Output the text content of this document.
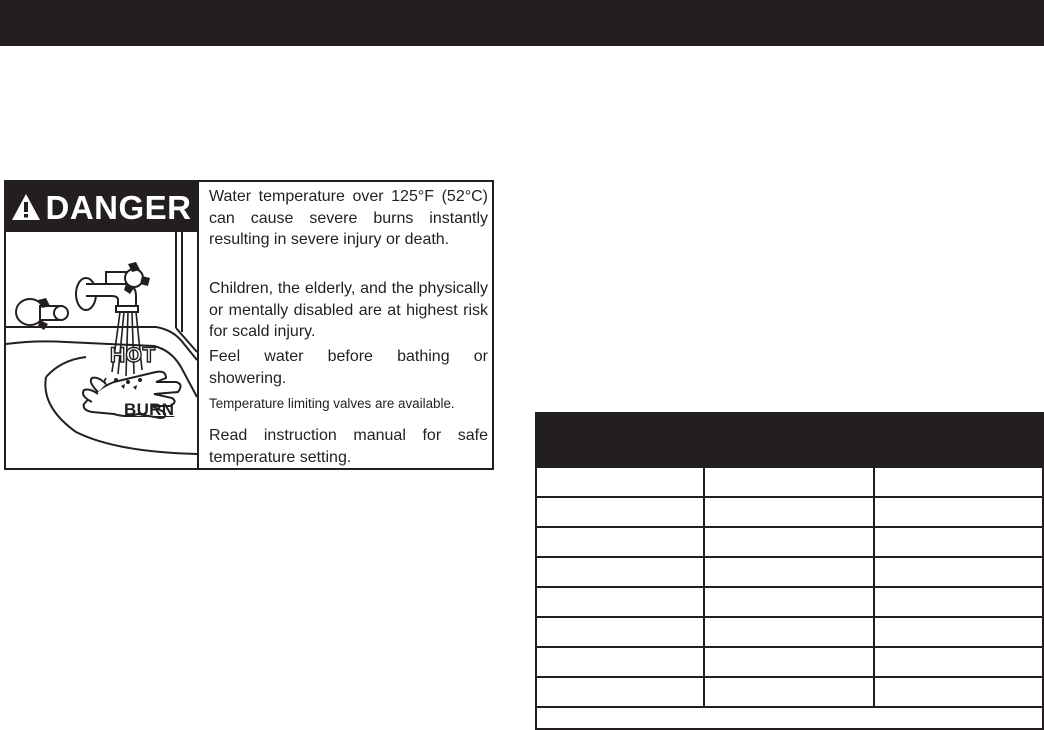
DANGER
HOT
BURN

Water temperature over 125°F (52°C) can cause severe burns instantly resulting in severe injury or death.

Children, the elderly, and the physically or mentally disabled are at highest risk for scald injury.

Feel water before bathing or showering.

Temperature limiting valves are available.

Read instruction manual for safe temperature setting.
